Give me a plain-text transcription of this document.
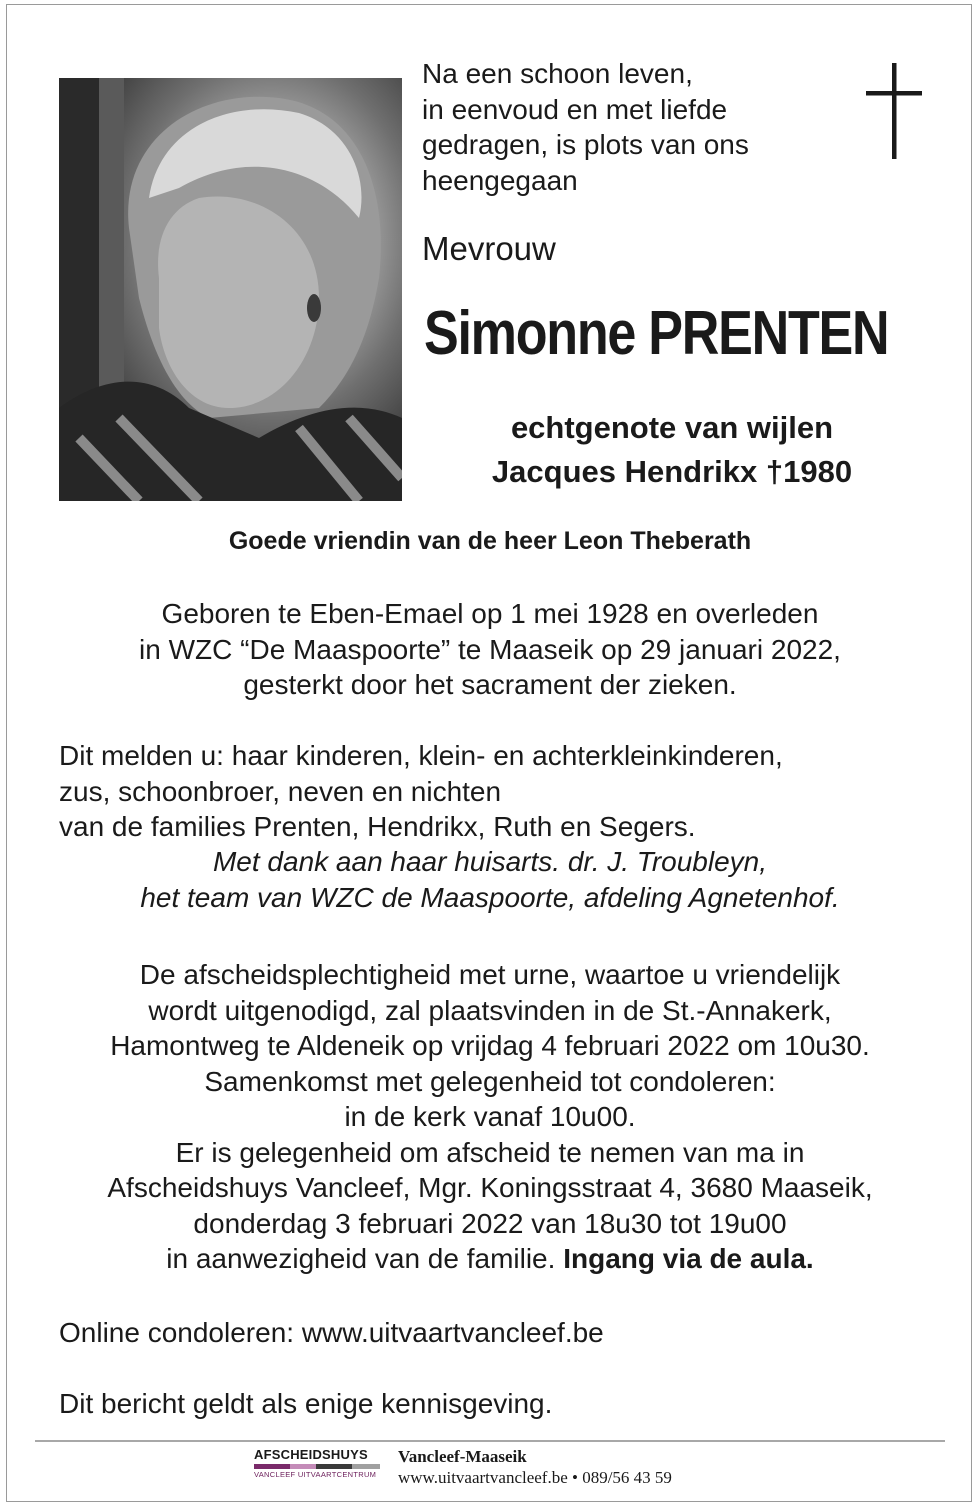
Na een schoon leven,
in eenvoud en met liefde
gedragen, is plots van ons
heengegaan
Mevrouw
Simonne PRENTEN
echtgenote van wijlen
Jacques Hendrikx †1980
Goede vriendin van de heer Leon Theberath
Geboren te Eben-Emael op 1 mei 1928 en overleden
in WZC “De Maaspoorte” te Maaseik op 29 januari 2022,
gesterkt door het sacrament der zieken.
Dit melden u: haar kinderen, klein- en achterkleinkinderen,
zus, schoonbroer, neven en nichten
van de families Prenten, Hendrikx, Ruth en Segers.
Met dank aan haar huisarts. dr. J. Troubleyn,
het team van WZC de Maaspoorte, afdeling Agnetenhof.
De afscheidsplechtigheid met urne, waartoe u vriendelijk
wordt uitgenodigd, zal plaatsvinden in de St.-Annakerk,
Hamontweg te Aldeneik op vrijdag 4 februari 2022 om 10u30.
Samenkomst met gelegenheid tot condoleren:
in de kerk vanaf 10u00.
Er is gelegenheid om afscheid te nemen van ma in
Afscheidshuys Vancleef, Mgr. Koningsstraat 4, 3680 Maaseik,
donderdag 3 februari 2022 van 18u30 tot 19u00
in aanwezigheid van de familie. Ingang via de aula.
Online condoleren: www.uitvaartvancleef.be
Dit bericht geldt als enige kennisgeving.
AFSCHEIDSHUYS
VANCLEEF UITVAARTCENTRUM
Vancleef-Maaseik
www.uitvaartvancleef.be • 089/56 43 59
